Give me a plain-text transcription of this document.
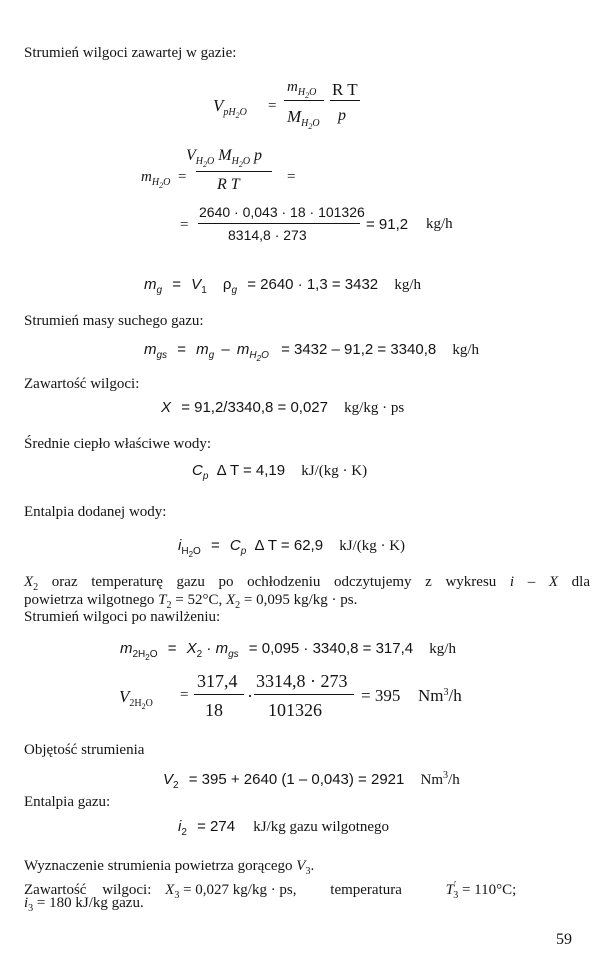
Strumień wilgoci zawartej w gazie:
$V_{pH2O}$ =
$m_{H2O}$
$M_{H2O}$
R T
p
$m_{H2O}$ =
$V_{H2O}$ $M_{H2O}$ p
R T	=
=
2640 · 0,043 · 18 · 101326
8314,8 · 273
= 91,2 kg/h
$m_g = V_1$ $\rho_g = 2640 \cdot 1,3 = 3432$ kg/h
Strumień masy suchego gazu:
$m_{gs} = m_g - m_{H2O} = 3432 - 91,2 = 3340,8$ kg/h
Zawartość wilgoci:
X = 91,2/3340,8 = 0,027 kg/kg · ps
Średnie ciepło właściwe wody:
$C_p$ Δ T = 4,19 kJ/(kg · K)
Entalpia dodanej wody:
$i_{H2O} = C_p$ Δ T = 62,9 kJ/(kg · K)
$X_2$ oraz temperaturę gazu po ochłodzeniu odczytujemy z wykresu i – X dla
powietrza wilgotnego $T_2 = 52^\circ C$, $X_2 = 0,095$ kg/kg · ps.
Strumień wilgoci po nawilżeniu:
$m_{2H2O} = X_2 \cdot m_{gs} = 0,095 \cdot 3340,8 = 317,4$ kg/h
$V_{2H2O}$
=
317,4
18
·
3314,8 · 273
101326
= 395 Nm$^3$/h
Objętość strumienia
$V_2 = 395 + 2640$ (1 – 0,043) = 2921 Nm$^3$/h
Entalpia gazu:
$i_2 = 274$ kJ/kg gazu wilgotnego
Wyznaczenie strumienia powietrza gorącego $V_3$.
Zawartość wilgoci: $X_3 = 0,027$ kg/kg · ps, temperatura	$T'_3 = 110^\circ C$;
$i_3 = 180$ kJ/kg gazu.
59
